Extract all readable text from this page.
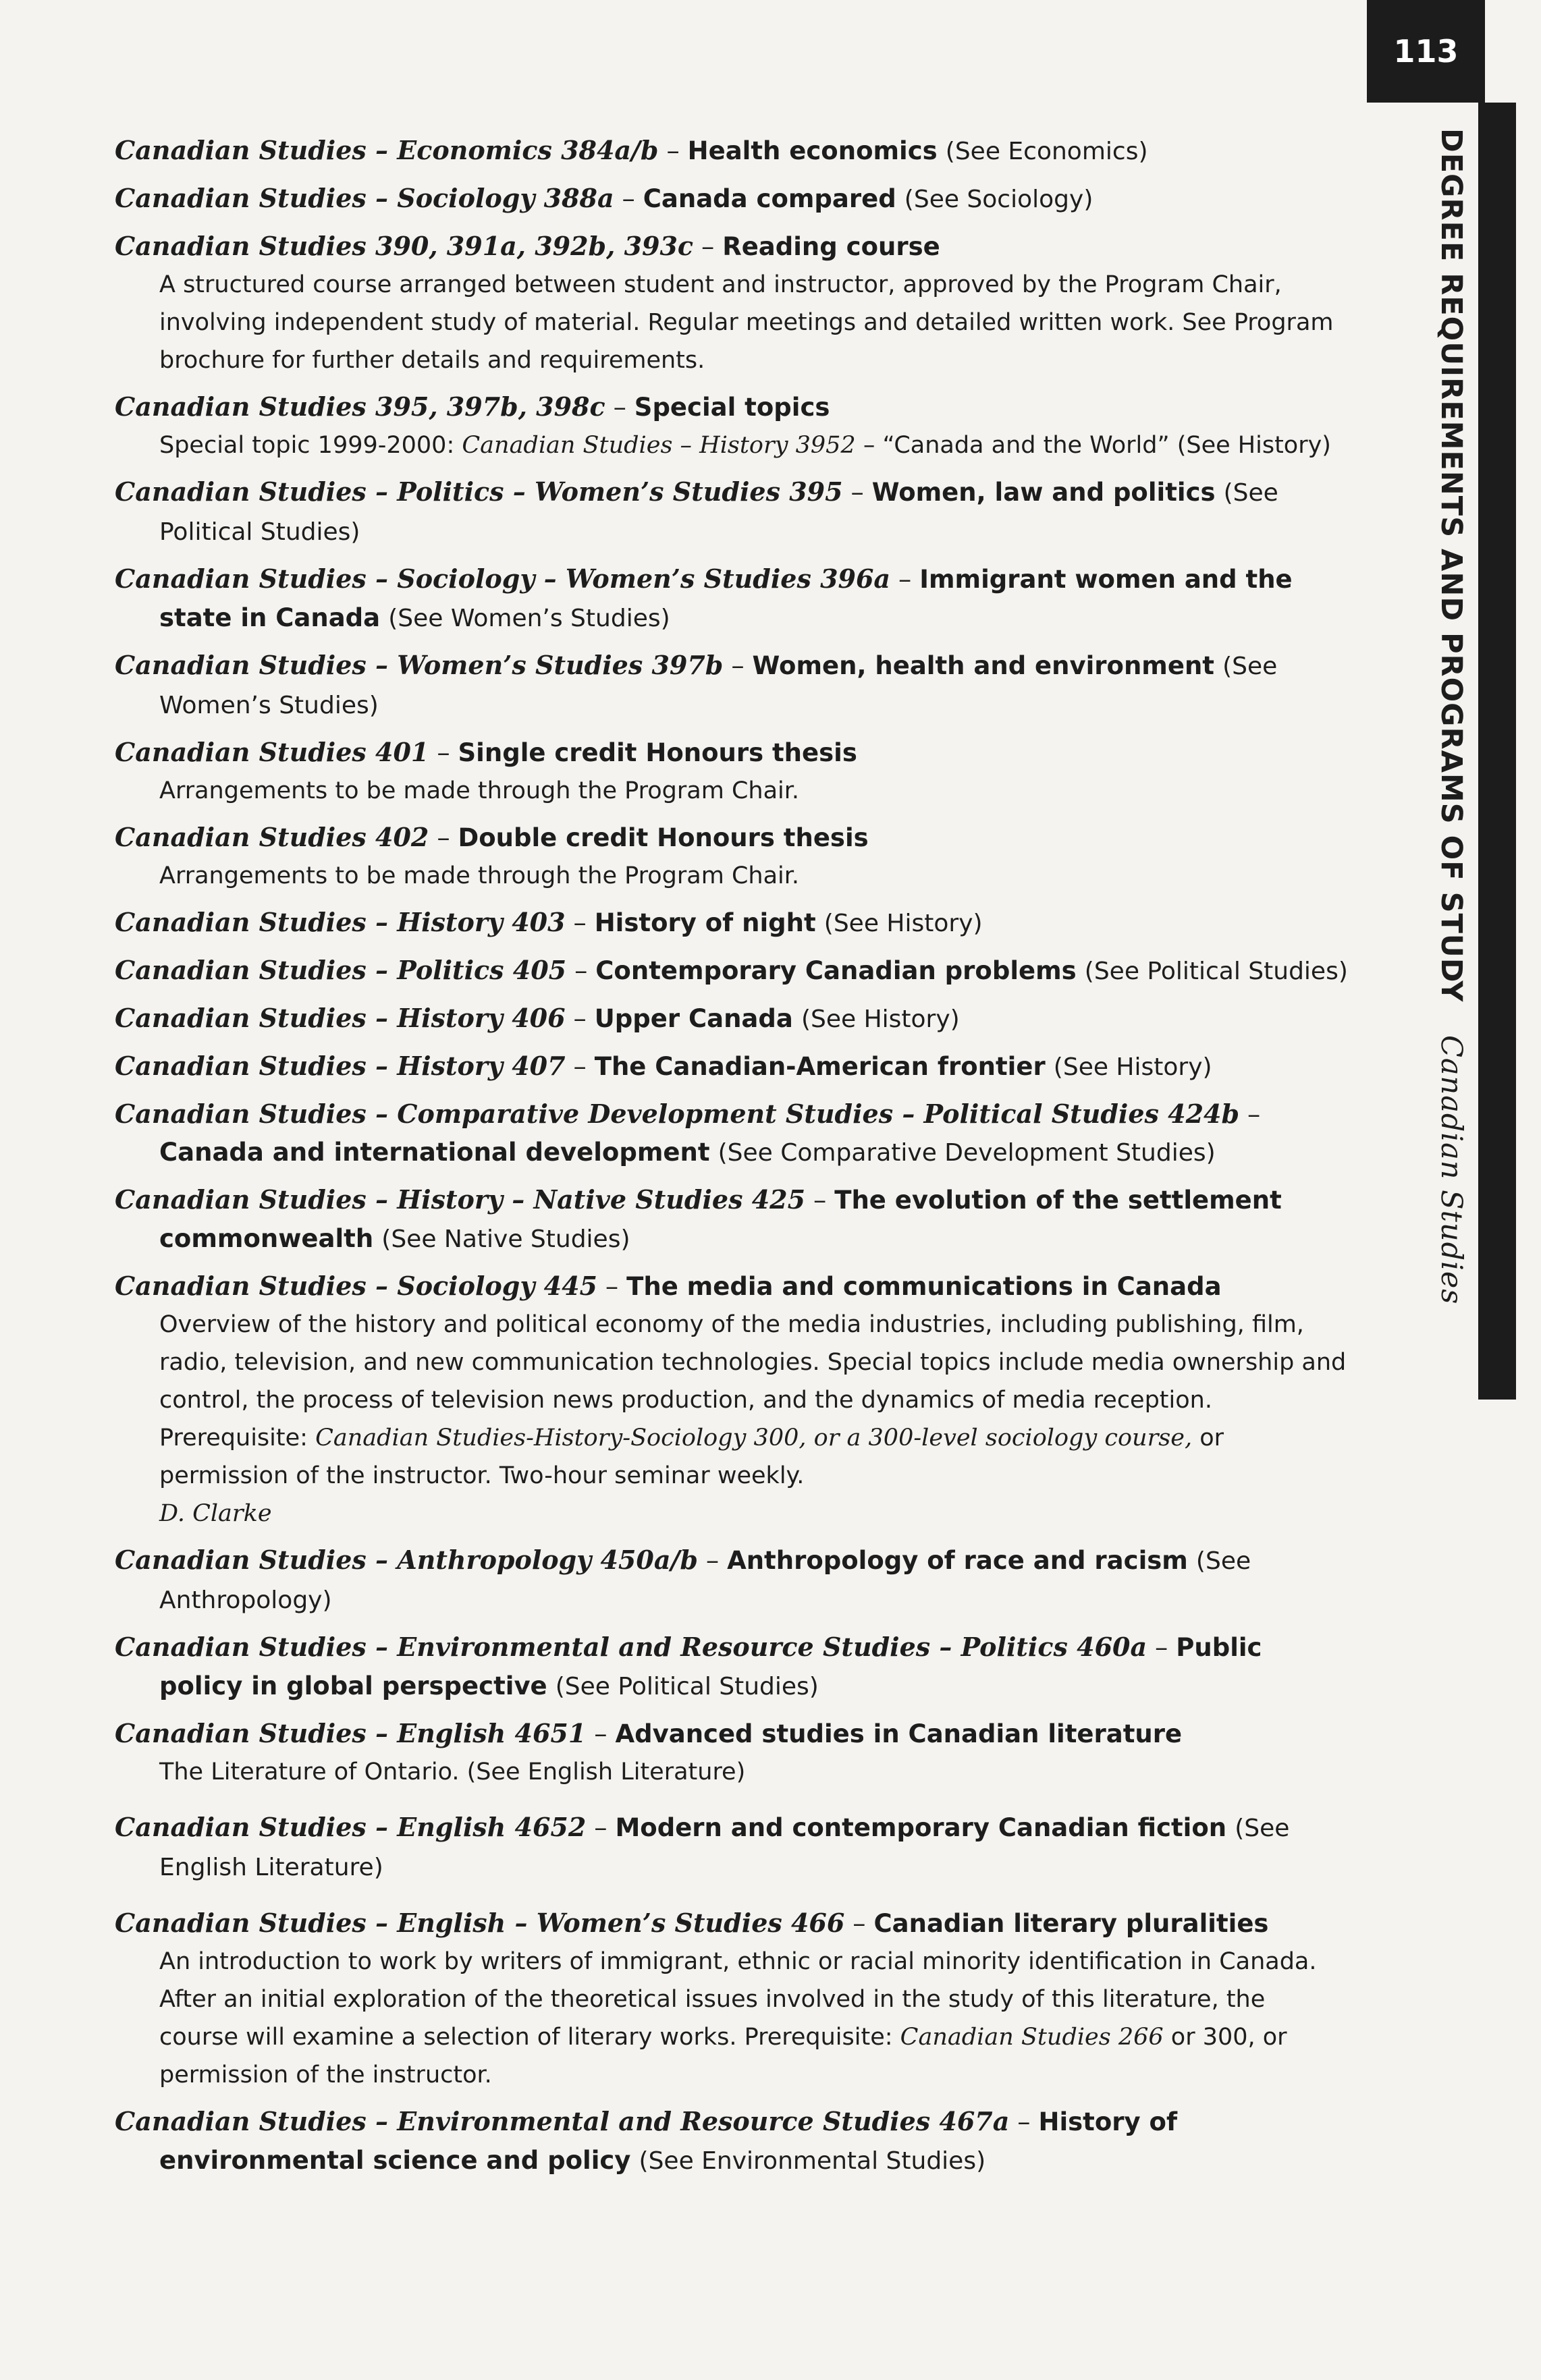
113
DEGREE REQUIREMENTS AND PROGRAMS OF STUDY Canadian Studies
Canadian Studies – Economics 384a/b – Health economics (See Economics)
Canadian Studies – Sociology 388a – Canada compared (See Sociology)
Canadian Studies 390, 391a, 392b, 393c – Reading course

A structured course arranged between student and instructor, approved by the Program Chair, involving independent study of material. Regular meetings and detailed written work. See Program brochure for further details and requirements.

Canadian Studies 395, 397b, 398c – Special topics

Special topic 1999-2000: Canadian Studies – History 3952 – “Canada and the World” (See History)

Canadian Studies – Politics – Women’s Studies 395 – Women, law and politics (See Political Studies)
Canadian Studies – Sociology – Women’s Studies 396a – Immigrant women and the state in Canada (See Women’s Studies)
Canadian Studies – Women’s Studies 397b – Women, health and environment (See Women’s Studies)
Canadian Studies 401 – Single credit Honours thesis

Arrangements to be made through the Program Chair.

Canadian Studies 402 – Double credit Honours thesis

Arrangements to be made through the Program Chair.

Canadian Studies – History 403 – History of night (See History)
Canadian Studies – Politics 405 – Contemporary Canadian problems (See Political Studies)
Canadian Studies – History 406 – Upper Canada (See History)
Canadian Studies – History 407 – The Canadian-American frontier (See History)
Canadian Studies – Comparative Development Studies – Political Studies 424b – Canada and international development (See Comparative Development Studies)
Canadian Studies – History – Native Studies 425 – The evolution of the settlement commonwealth (See Native Studies)
Canadian Studies – Sociology 445 – The media and communications in Canada

Overview of the history and political economy of the media industries, including publishing, film, radio, television, and new communication technologies. Special topics include media ownership and control, the process of television news production, and the dynamics of media reception. Prerequisite: Canadian Studies-History-Sociology 300, or a 300-level sociology course, or permission of the instructor. Two-hour seminar weekly.

D. Clarke

Canadian Studies – Anthropology 450a/b – Anthropology of race and racism (See Anthropology)
Canadian Studies – Environmental and Resource Studies – Politics 460a – Public policy in global perspective (See Political Studies)
Canadian Studies – English 4651 – Advanced studies in Canadian literature

The Literature of Ontario. (See English Literature)

Canadian Studies – English 4652 – Modern and contemporary Canadian fiction (See English Literature)
Canadian Studies – English – Women’s Studies 466 – Canadian literary pluralities

An introduction to work by writers of immigrant, ethnic or racial minority identification in Canada. After an initial exploration of the theoretical issues involved in the study of this literature, the course will examine a selection of literary works. Prerequisite: Canadian Studies 266 or 300, or permission of the instructor.

Canadian Studies – Environmental and Resource Studies 467a – History of environmental science and policy (See Environmental Studies)
